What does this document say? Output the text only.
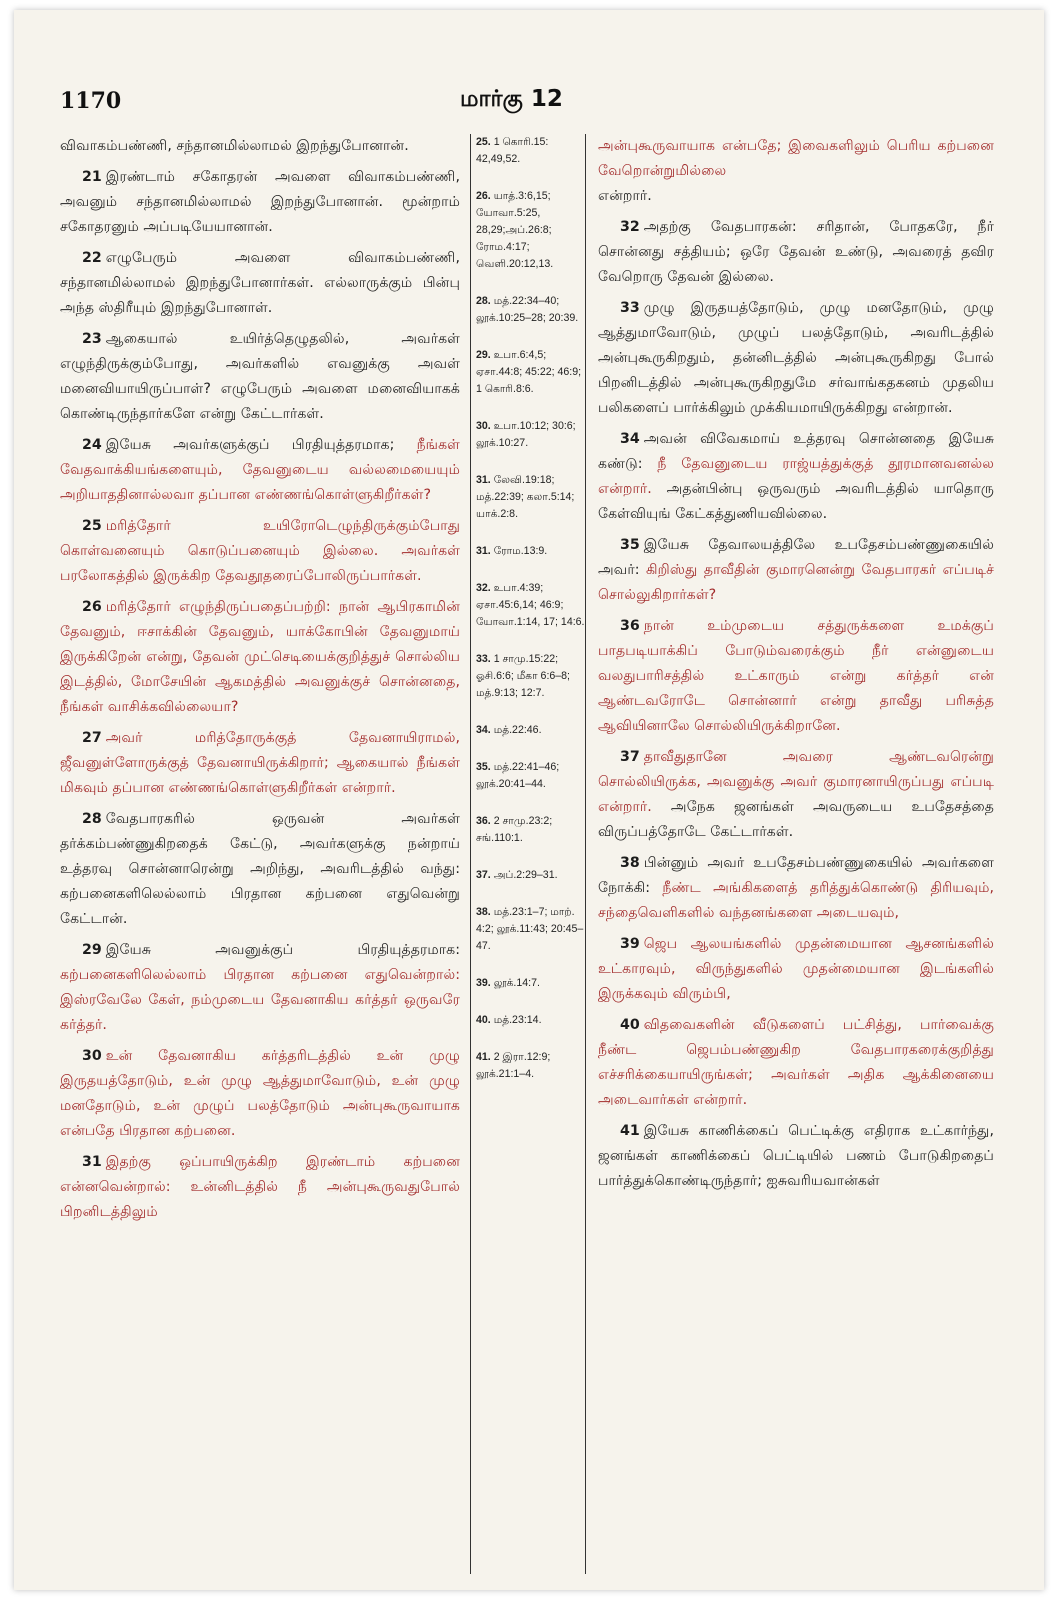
1170	மார்கு 12

விவாகம்பண்ணி, சந்தானமில்லாமல் இறந்துபோனான்.

21 இரண்டாம் சகோதரன் அவளை விவாகம்பண்ணி, அவனும் சந்தானமில்லாமல் இறந்துபோனான். மூன்றாம் சகோதரனும் அப்படியேயானான்.

22 எழுபேரும் அவளை விவாகம்பண்ணி, சந்தானமில்லாமல் இறந்துபோனார்கள். எல்லாருக்கும் பின்பு அந்த ஸ்திரீயும் இறந்துபோனாள்.

23 ஆகையால் உயிர்த்தெழுதலில், அவர்கள் எழுந்திருக்கும்போது, அவர்களில் எவனுக்கு அவள் மனைவியாயிருப்பாள்? எழுபேரும் அவளை மனைவியாகக் கொண்டிருந்தார்களே என்று கேட்டார்கள்.

24 இயேசு அவர்களுக்குப் பிரதியுத்தரமாக; நீங்கள் வேதவாக்கியங்களையும், தேவனுடைய வல்லமையையும் அறியாததினால்லவா தப்பான எண்ணங்கொள்ளுகிறீர்கள்?

25 மரித்தோர் உயிரோடெழுந்திருக்கும்போது கொள்வனையும் கொடுப்பனையும் இல்லை. அவர்கள் பரலோகத்தில் இருக்கிற தேவதூதரைப்போலிருப்பார்கள்.

26 மரித்தோர் எழுந்திருப்பதைப்பற்றி: நான் ஆபிரகாமின் தேவனும், ஈசாக்கின் தேவனும், யாக்கோபின் தேவனுமாய் இருக்கிறேன் என்று, தேவன் முட்செடியைக்குறித்துச் சொல்லிய இடத்தில், மோசேயின் ஆகமத்தில் அவனுக்குச் சொன்னதை, நீங்கள் வாசிக்கவில்லையா?

27 அவர் மரித்தோருக்குத் தேவனாயிராமல், ஜீவனுள்ளோருக்குத் தேவனாயிருக்கிறார்; ஆகையால் நீங்கள் மிகவும் தப்பான எண்ணங்கொள்ளுகிறீர்கள் என்றார்.

28 வேதபாரகரில் ஒருவன் அவர்கள் தர்க்கம்பண்ணுகிறதைக் கேட்டு, அவர்களுக்கு நன்றாய் உத்தரவு சொன்னாரென்று அறிந்து, அவரிடத்தில் வந்து: கற்பனைகளிலெல்லாம் பிரதான கற்பனை எதுவென்று கேட்டான்.

29 இயேசு அவனுக்குப் பிரதியுத்தரமாக: கற்பனைகளிலெல்லாம் பிரதான கற்பனை எதுவென்றால்: இஸ்ரவேலே கேள், நம்முடைய தேவனாகிய கர்த்தர் ஒருவரே கர்த்தர்.

30 உன் தேவனாகிய கர்த்தரிடத்தில் உன் முழு இருதயத்தோடும், உன் முழு ஆத்துமாவோடும், உன் முழு மனதோடும், உன் முழுப் பலத்தோடும் அன்புகூருவாயாக என்பதே பிரதான கற்பனை.

31 இதற்கு ஒப்பாயிருக்கிற இரண்டாம் கற்பனை என்னவென்றால்: உன்னிடத்தில் நீ அன்புகூருவதுபோல் பிறனிடத்திலும்

25. 1 கொரி.15: 42,49,52.
26. யாத்.3:6,15; யோவா.5:25, 28,29;அப்.26:8; ரோம.4:17; வெளி.20:12,13.
28. மத்.22:34–40; லூக்.10:25–28; 20:39.
29. உபா.6:4,5; ஏசா.44:8; 45:22; 46:9; 1 கொரி.8:6.
30. உபா.10:12; 30:6; லூக்.10:27.
31. லேவி.19:18; மத்.22:39; கலா.5:14; யாக்.2:8.
31. ரோம.13:9.
32. உபா.4:39; ஏசா.45:6,14; 46:9; யோவா.1:14, 17; 14:6.
33. 1 சாமு.15:22; ஓசி.6:6; மீகா 6:6–8; மத்.9:13; 12:7.
34. மத்.22:46.
35. மத்.22:41–46; லூக்.20:41–44.
36. 2 சாமு.23:2; சங்.110:1.
37. அப்.2:29–31.
38. மத்.23:1–7; மாற். 4:2; லூக்.11:43; 20:45–47.
39. லூக்.14:7.
40. மத்.23:14.
41. 2 இரா.12:9; லூக்.21:1–4.

அன்புகூருவாயாக என்பதே; இவைகளிலும் பெரிய கற்பனை வேறொன்றுமில்லை
என்றார்.

32 அதற்கு வேதபாரகன்: சரிதான், போதகரே, நீர் சொன்னது சத்தியம்; ஒரே தேவன் உண்டு, அவரைத் தவிர வேறொரு தேவன் இல்லை.

33 முழு இருதயத்தோடும், முழு மனதோடும், முழு ஆத்துமாவோடும், முழுப் பலத்தோடும், அவரிடத்தில் அன்புகூருகிறதும், தன்னிடத்தில் அன்புகூருகிறது போல் பிறனிடத்தில் அன்புகூருகிறதுமே சர்வாங்கதகனம் முதலிய பலிகளைப் பார்க்கிலும் முக்கியமாயிருக்கிறது என்றான்.

34 அவன் விவேகமாய் உத்தரவு சொன்னதை இயேசு கண்டு: நீ தேவனுடைய ராஜ்யத்துக்குத் தூரமானவனல்ல என்றார். அதன்பின்பு ஒருவரும் அவரிடத்தில் யாதொரு கேள்வியுங் கேட்கத்துணியவில்லை.

35 இயேசு தேவாலயத்திலே உபதேசம்பண்ணுகையில் அவர்: கிறிஸ்து தாவீதின் குமாரனென்று வேதபாரகர் எப்படிச் சொல்லுகிறார்கள்?

36 நான் உம்முடைய சத்துருக்களை உமக்குப் பாதபடியாக்கிப் போடும்வரைக்கும் நீர் என்னுடைய வலதுபாரிசத்தில் உட்காரும் என்று கர்த்தர் என் ஆண்டவரோடே சொன்னார் என்று தாவீது பரிசுத்த ஆவியினாலே சொல்லியிருக்கிறானே.

37 தாவீதுதானே அவரை ஆண்டவரென்று சொல்லியிருக்க, அவனுக்கு அவர் குமாரனாயிருப்பது எப்படி என்றார். அநேக ஜனங்கள் அவருடைய உபதேசத்தை விருப்பத்தோடே கேட்டார்கள்.

38 பின்னும் அவர் உபதேசம்பண்ணுகையில் அவர்களை நோக்கி: நீண்ட அங்கிகளைத் தரித்துக்கொண்டு திரியவும், சந்தைவெளிகளில் வந்தனங்களை அடையவும்,

39 ஜெப ஆலயங்களில் முதன்மையான ஆசனங்களில் உட்காரவும், விருந்துகளில் முதன்மையான இடங்களில் இருக்கவும் விரும்பி,

40 விதவைகளின் வீடுகளைப் பட்சித்து, பார்வைக்கு நீண்ட ஜெபம்பண்ணுகிற வேதபாரகரைக்குறித்து எச்சரிக்கையாயிருங்கள்; அவர்கள் அதிக ஆக்கினையை அடைவார்கள் என்றார்.

41 இயேசு காணிக்கைப் பெட்டிக்கு எதிராக உட்கார்ந்து, ஜனங்கள் காணிக்கைப் பெட்டியில் பணம் போடுகிறதைப் பார்த்துக்கொண்டிருந்தார்; ஐசுவரியவான்கள்
